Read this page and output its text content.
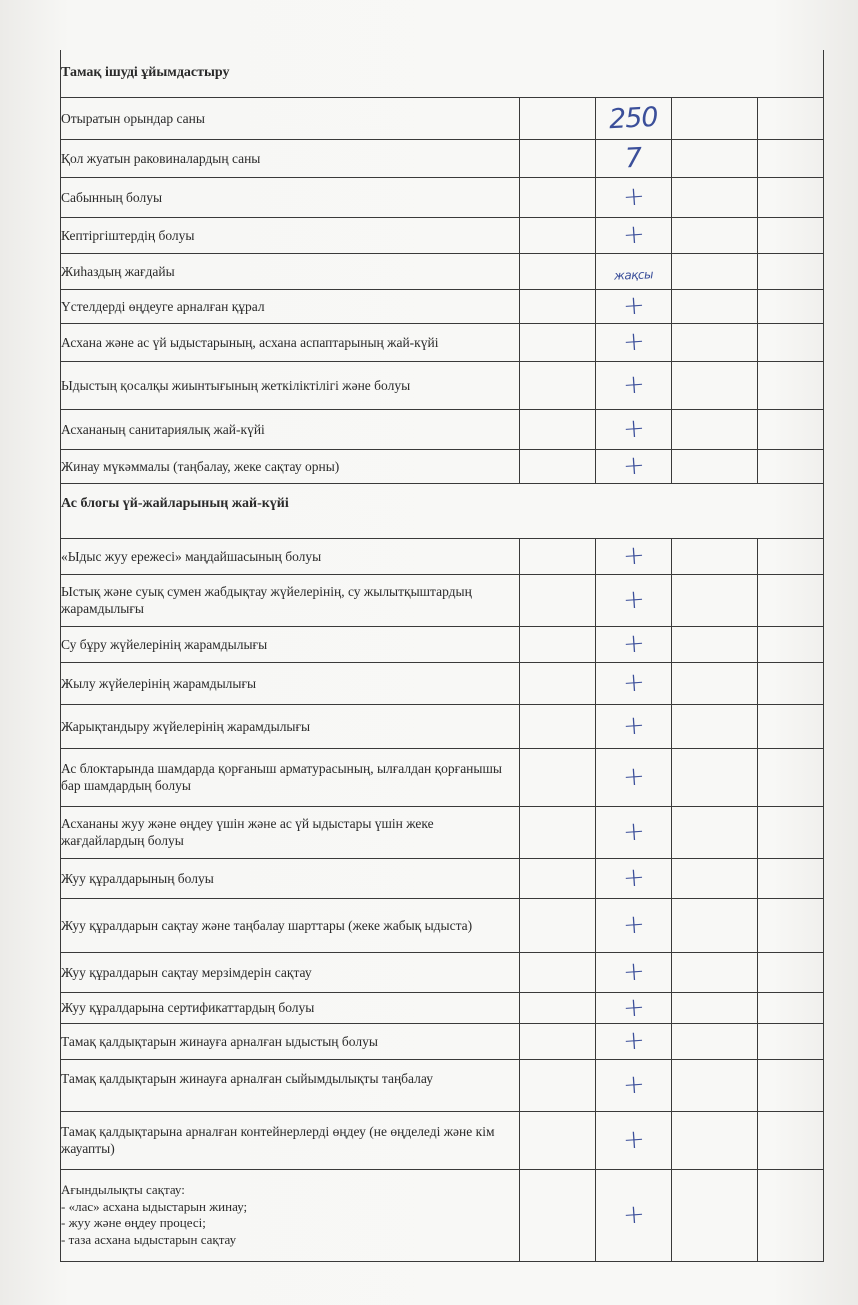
Тамақ ішуді ұйымдастыру				
Отыратын орындар саны		250		
Қол жуатын раковиналардың саны		7		
Сабынның болуы		+		
Кептіргіштердің болуы		+		
Жиһаздың жағдайы		жақсы		
Үстелдерді өңдеуге арналған құрал		+		
Асхана және ас үй ыдыстарының, асхана аспаптарының жай-күйі		+		
Ыдыстың қосалқы жиынтығының жеткіліктілігі және болуы		+		
Асхананың санитариялық жай-күйі		+		
Жинау мүкәммалы (таңбалау, жеке сақтау орны)		+		
Ас блогы үй-жайларының жай-күйі				
«Ыдыс жуу ережесі» маңдайшасының болуы		+		
Ыстық және суық сумен жабдықтау жүйелерінің, су жылытқыштардың жарамдылығы		+		
Су бұру жүйелерінің жарамдылығы		+		
Жылу жүйелерінің жарамдылығы		+		
Жарықтандыру жүйелерінің жарамдылығы		+		
Ас блоктарында шамдарда қорғаныш арматурасының, ылғалдан қорғанышы бар шамдардың болуы		+		
Асхананы жуу және өңдеу үшін және ас үй ыдыстары үшін жеке жағдайлардың болуы		+		
Жуу құралдарының болуы		+		
Жуу құралдарын сақтау және таңбалау шарттары (жеке жабық ыдыста)		+		
Жуу құралдарын сақтау мерзімдерін сақтау		+		
Жуу құралдарына сертификаттардың болуы		+		
Тамақ қалдықтарын жинауға арналған ыдыстың болуы		+		
Тамақ қалдықтарын жинауға арналған сыйымдылықты таңбалау		+		
Тамақ қалдықтарына арналған контейнерлерді өңдеу (не өңделеді және кім жауапты)		+		

Ағындылықты сақтау:
- «лас» асхана ыдыстарын жинау;
- жуу және өңдеу процесі;
- таза асхана ыдыстарын сақтау		+		
